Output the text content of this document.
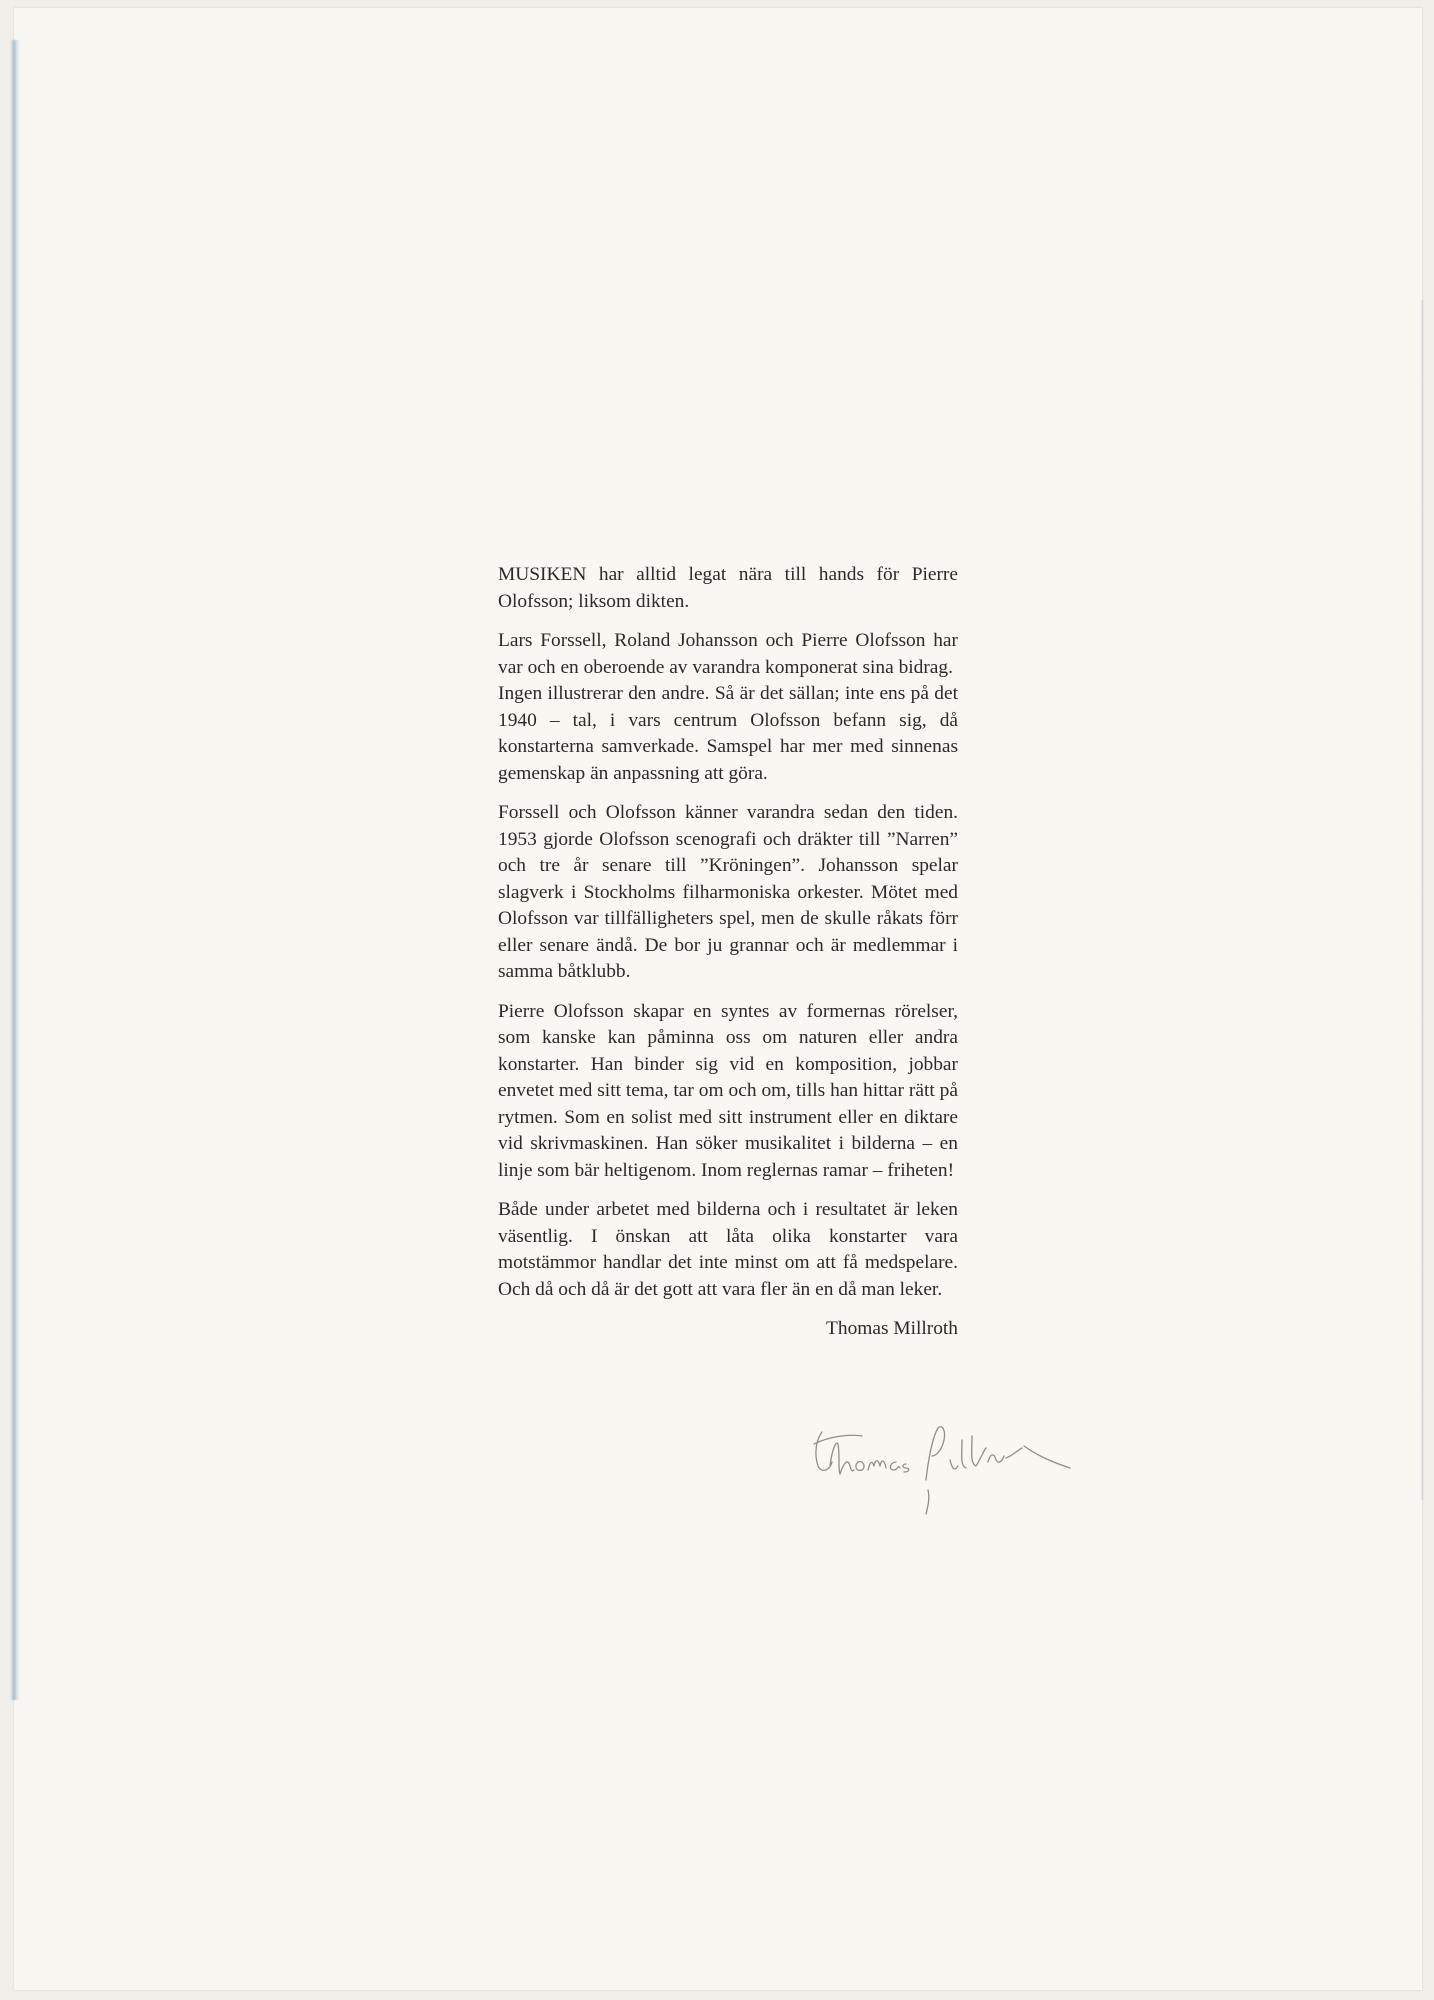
MUSIKEN har alltid legat nära till hands för Pierre Olofsson; liksom dikten.

Lars Forssell, Roland Johansson och Pierre Olofsson har var och en oberoende av varandra komponerat sina bidrag.

Ingen illustrerar den andre. Så är det sällan; inte ens på det 1940 – tal, i vars centrum Olofsson befann sig, då konstarterna samverkade. Samspel har mer med sinnenas gemenskap än anpassning att göra.

Forssell och Olofsson känner varandra sedan den tiden. 1953 gjorde Olofsson scenografi och dräkter till ”Narren” och tre år senare till ”Kröningen”. Johansson spelar slagverk i Stockholms filharmoniska orkester. Mötet med Olofsson var tillfälligheters spel, men de skulle råkats förr eller senare ändå. De bor ju grannar och är medlemmar i samma båtklubb.

Pierre Olofsson skapar en syntes av formernas rörelser, som kanske kan påminna oss om naturen eller andra konstarter. Han binder sig vid en komposition, jobbar envetet med sitt tema, tar om och om, tills han hittar rätt på rytmen. Som en solist med sitt instrument eller en diktare vid skrivmaskinen. Han söker musikalitet i bilderna – en linje som bär heltigenom. Inom reglernas ramar – friheten!

Både under arbetet med bilderna och i resultatet är leken väsentlig. I önskan att låta olika konstarter vara motstämmor handlar det inte minst om att få medspelare. Och då och då är det gott att vara fler än en då man leker.

Thomas Millroth
